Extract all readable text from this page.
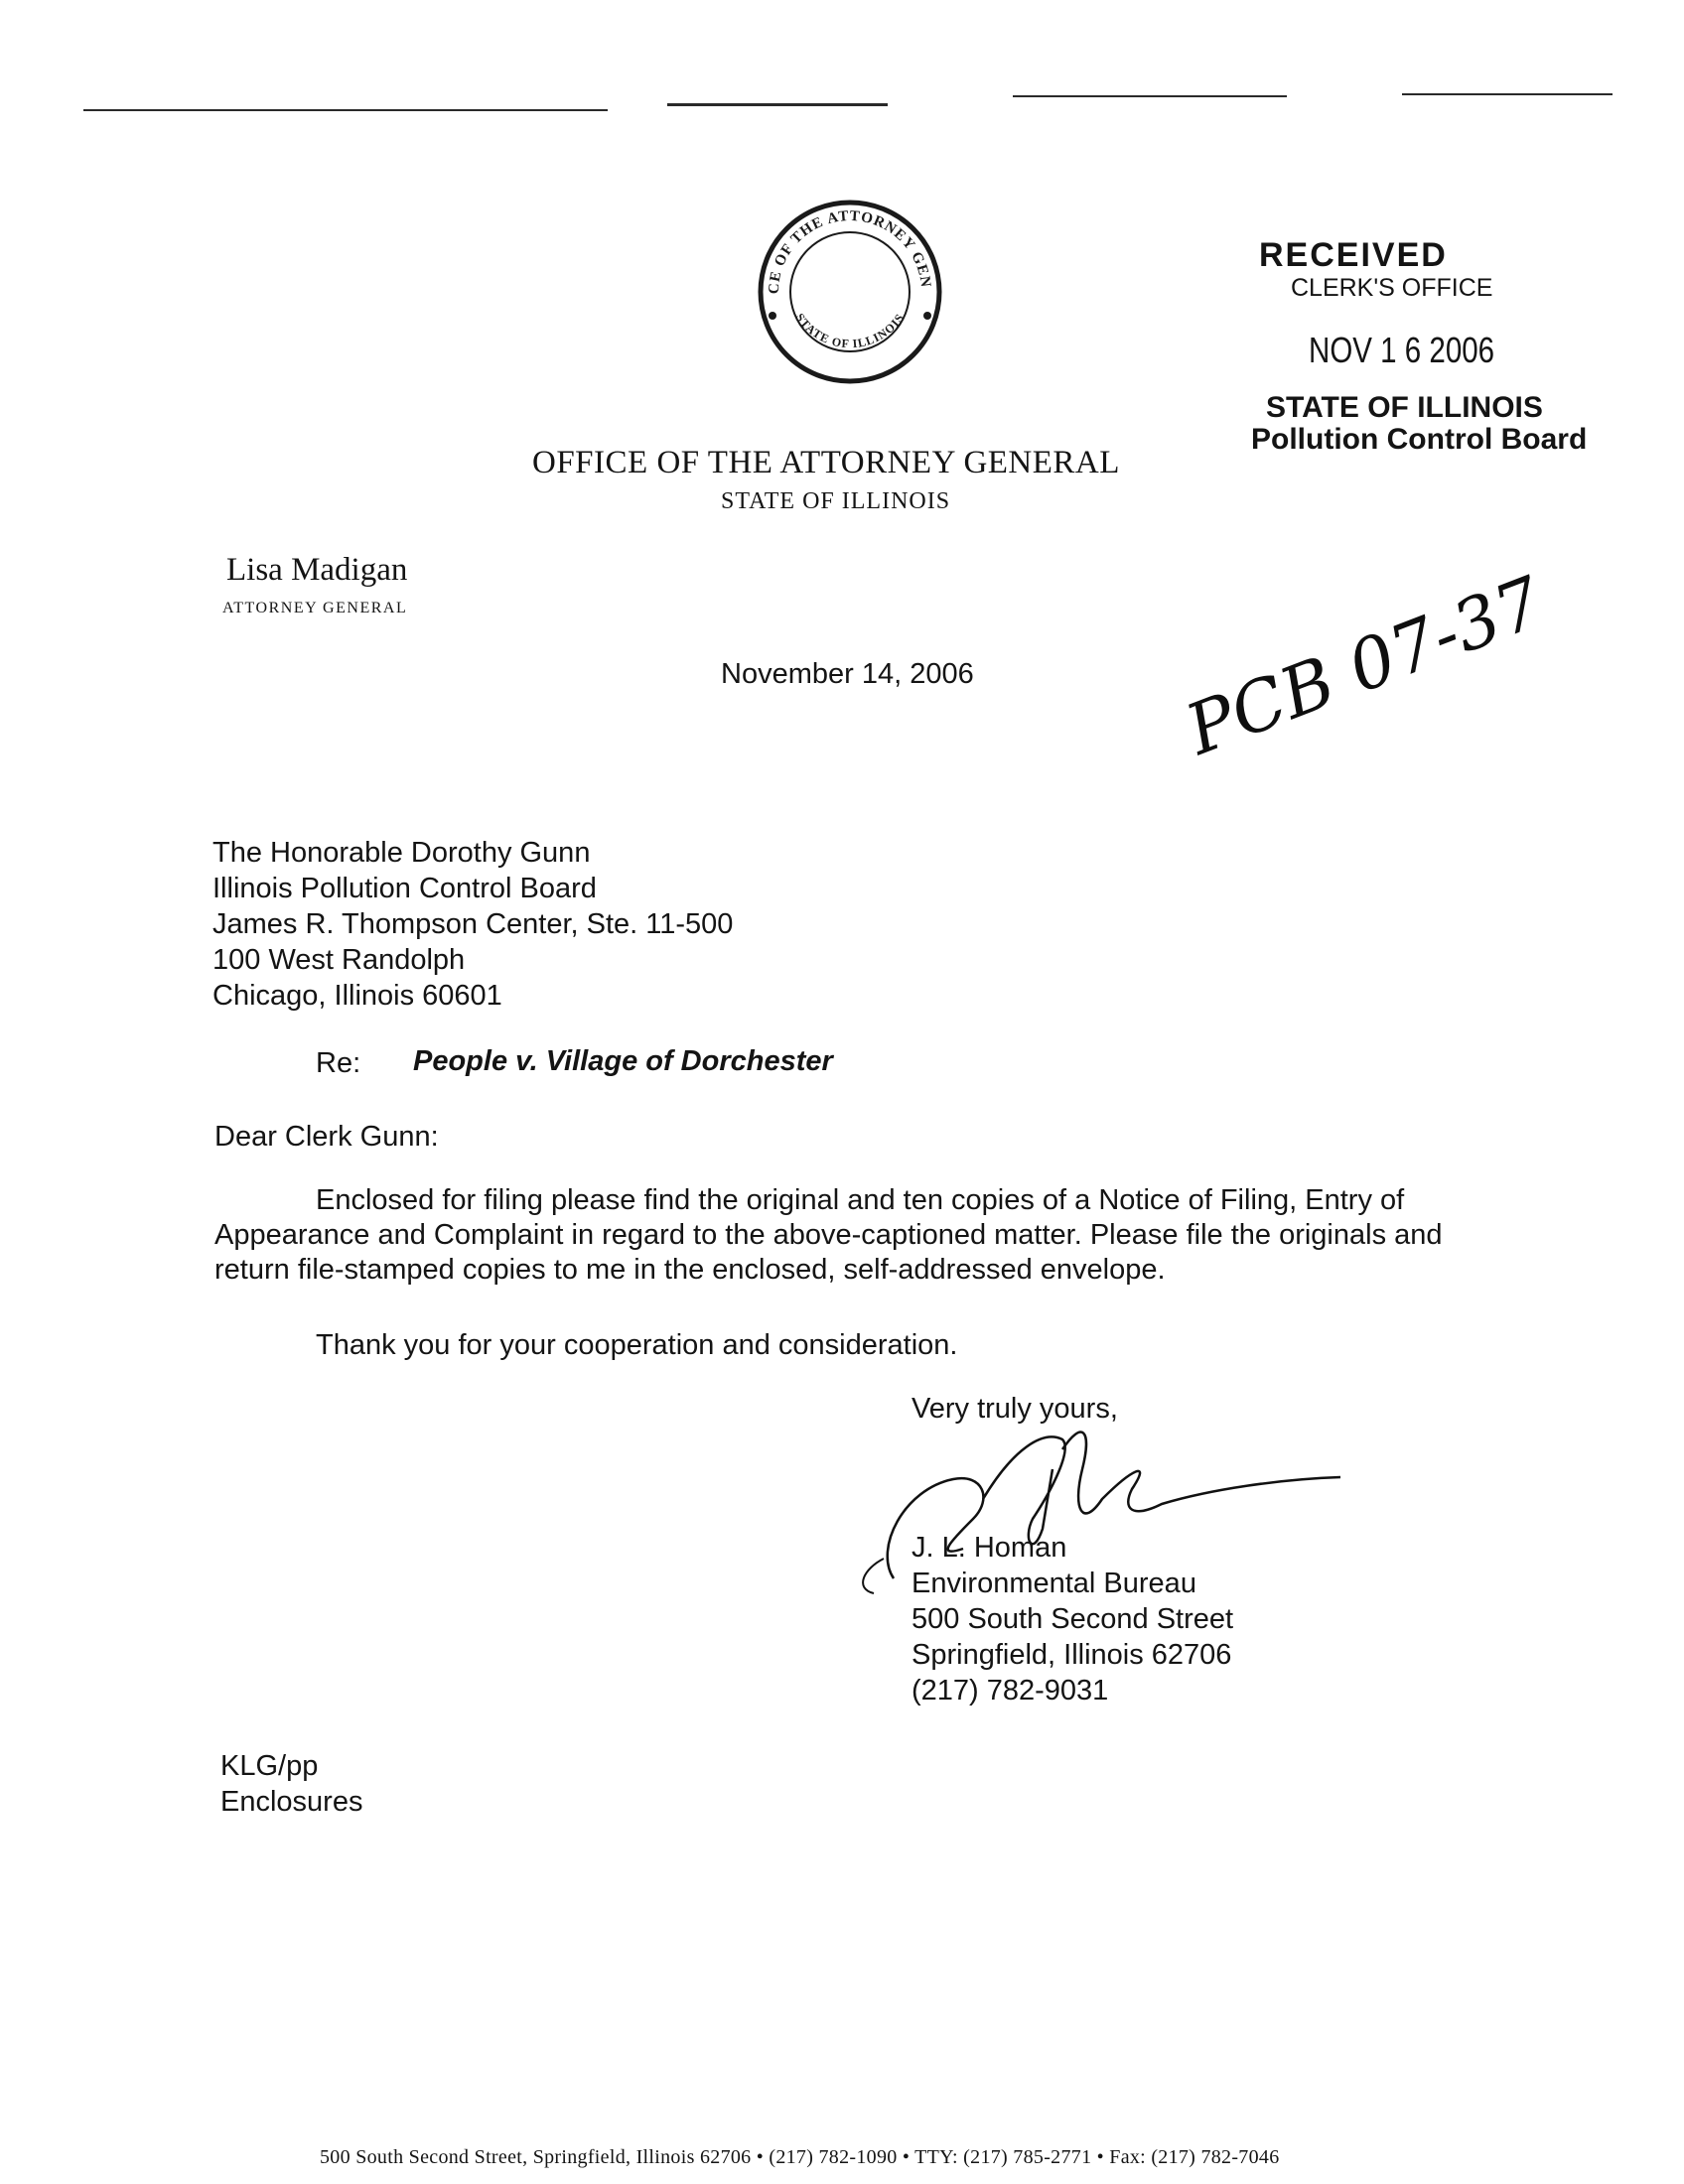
CE OF THE ATTORNEY GEN
STATE OF ILLINOIS
RECEIVED
CLERK'S OFFICE
NOV 1 6 2006
STATE OF ILLINOIS
Pollution Control Board
OFFICE OF THE ATTORNEY GENERAL
STATE OF ILLINOIS
Lisa Madigan
ATTORNEY GENERAL
November 14, 2006	PCB 07-37
The Honorable Dorothy Gunn
Illinois Pollution Control Board
James R. Thompson Center, Ste. 11-500
100 West Randolph
Chicago, Illinois 60601
Re: People v. Village of Dorchester
Dear Clerk Gunn:
Enclosed for filing please find the original and ten copies of a Notice of Filing, Entry of Appearance and Complaint in regard to the above-captioned matter. Please file the originals and return file-stamped copies to me in the enclosed, self-addressed envelope.
Thank you for your cooperation and consideration.
Very truly yours,
J. L. Homan
Environmental Bureau
500 South Second Street
Springfield, Illinois 62706
(217) 782-9031
KLG/pp
Enclosures
500 South Second Street, Springfield, Illinois 62706 • (217) 782-1090 • TTY: (217) 785-2771 • Fax: (217) 782-7046
